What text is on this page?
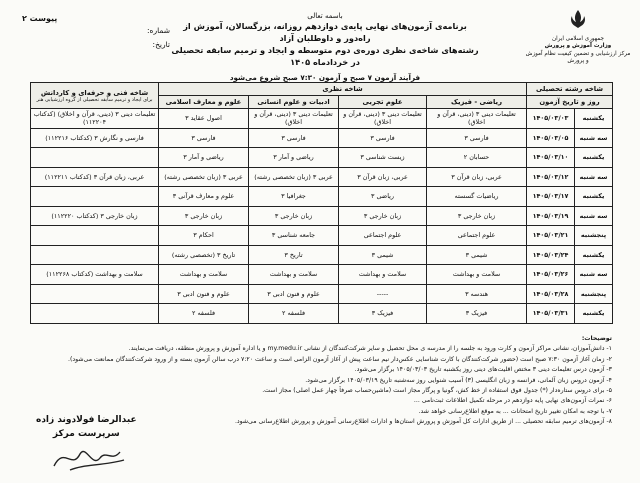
پیوست ۲
شماره:
تاریخ:
جمهوری اسلامی ایران
وزارت آموزش و پرورش
مرکز ارزشیابی و تضمین کیفیت نظام آموزش و پرورش
باسمه تعالی
برنامه‌ی آزمون‌های نهایی پایه‌ی دوازدهم روزانه، بزرگسالان، آموزش از راه‌دور و داوطلبان آزاد
رشته‌های شاخه‌ی نظری دوره‌ی دوم متوسطه و ایجاد و ترمیم سابقه تحصیلی در خردادماه ۱۴۰۵
فرآیند آزمون ۷ صبح و آزمون ۷:۳۰ صبح شروع می‌شود
شاخه رشته تحصیلی		شاخه نظری				شاخه فنی و حرفه‌ای و کاردانش
برای ایجاد و ترمیم سابقه تحصیلی از گروه ارزشیابی هنر

روز و تاریخ آزمون		ریاضی - فیزیک	علوم تجربی	ادبیات و علوم انسانی	علوم و معارف اسلامی	
یکشنبه	۱۴۰۵/۰۳/۰۳	تعلیمات دینی ۳ (دینی، قرآن و اخلاق)	تعلیمات دینی ۳ (دینی، قرآن و اخلاق)	تعلیمات دینی ۳ (دینی، قرآن و اخلاق)	اصول عقاید ۳	تعلیمات دینی ۳ (دینی، قرآن و اخلاق) (کدکتاب ۱۱۲۲۰۴)
سه شنبه	۱۴۰۵/۰۳/۰۵	فارسی ۳	فارسی ۳	فارسی ۳	فارسی ۳	فارسی و نگارش ۳ (کدکتاب ۱۱۲۲۱۶)
یکشنبه	۱۴۰۵/۰۳/۱۰	حسابان ۲	زیست شناسی ۳	ریاضی و آمار ۳	ریاضی و آمار ۳	
سه شنبه	۱۴۰۵/۰۳/۱۲	عربی، زبان قرآن ۳	عربی، زبان قرآن ۳	عربی ۳ (زبان تخصصی رشته)	عربی ۳ (زبان تخصصی رشته)	عربی، زبان قرآن ۳ (کدکتاب ۱۱۲۲۱۱)
یکشنبه	۱۴۰۵/۰۳/۱۷	ریاضیات گسسته	ریاضی ۳	جغرافیا ۳	علوم و معارف قرآنی ۳	
سه شنبه	۱۴۰۵/۰۳/۱۹	زبان خارجی ۳	زبان خارجی ۳	زبان خارجی ۳	زبان خارجی ۳	زبان خارجی ۳ (کدکتاب ۱۱۲۲۲۰)
پنجشنبه	۱۴۰۵/۰۳/۲۱	علوم اجتماعی	علوم اجتماعی	جامعه شناسی ۳	احکام ۳	
یکشنبه	۱۴۰۵/۰۳/۲۴	شیمی ۳	شیمی ۳	تاریخ ۳	تاریخ ۳ (تخصصی رشته)	
سه شنبه	۱۴۰۵/۰۳/۲۶	سلامت و بهداشت	سلامت و بهداشت	سلامت و بهداشت	سلامت و بهداشت	سلامت و بهداشت (کدکتاب ۱۱۲۲۶۸)
پنجشنبه	۱۴۰۵/۰۳/۲۸	هندسه ۳	-----	علوم و فنون ادبی ۳	علوم و فنون ادبی ۳	
یکشنبه	۱۴۰۵/۰۳/۳۱	فیزیک ۳	فیزیک ۳	فلسفه ۲	فلسفه ۲	
توضیحات:
۱- دانش‌آموزان، نشانی مراکز آزمون و کارت ورود به جلسه را از مدرسه ی محل تحصیل و سایر شرکت‌کنندگان از نشانی my.medu.ir و یا اداره آموزش و پرورش منطقه، دریافت می‌نمایند.
۲- زمان آغاز آزمون ۷:۳۰ صبح است (حضور شرکت‌کنندگان با کارت شناسایی عکس‌دار نیم ساعت پیش از آغاز آزمون الزامی است و ساعت ۷:۲۰ درب سالن آزمون بسته و از ورود شرکت‌کنندگان ممانعت می‌شود).
۳- آزمون درس تعلیمات دینی ۳ مختص اقلیت‌های دینی روز یکشنبه تاریخ ۱۴۰۵/۰۳/۰۳ برگزار می‌شود.
۴- آزمون دروس زبان آلمانی، فرانسه و زبان انگلیسی (۳) آسیب شنوایی روز سه‌شنبه تاریخ ۱۴۰۵/۰۳/۱۹ برگزار می‌شود.
۵- برای دروس ستاره‌دار (*) جدول فوق استفاده از خط کش، گونیا و پرگار مجاز است (ماشین‌حساب صرفاً چهار عمل اصلی) مجاز است.
۶- نمرات آزمون‌های نهایی پایه دوازدهم در مرحله تکمیل اطلاعات ثبت‌نامی ...
۷- با توجه به امکان تغییر تاریخ امتحانات ... به موقع اطلاع‌رسانی خواهد شد.
۸- آزمون‌های ترمیم سابقه تحصیلی ... از طریق ادارات کل آموزش و پرورش استان‌ها و ادارات اطلاع‌رسانی آموزش و پرورش اطلاع‌رسانی می‌شود.
عبدالرضا فولادوند زاده
سرپرست مرکز
